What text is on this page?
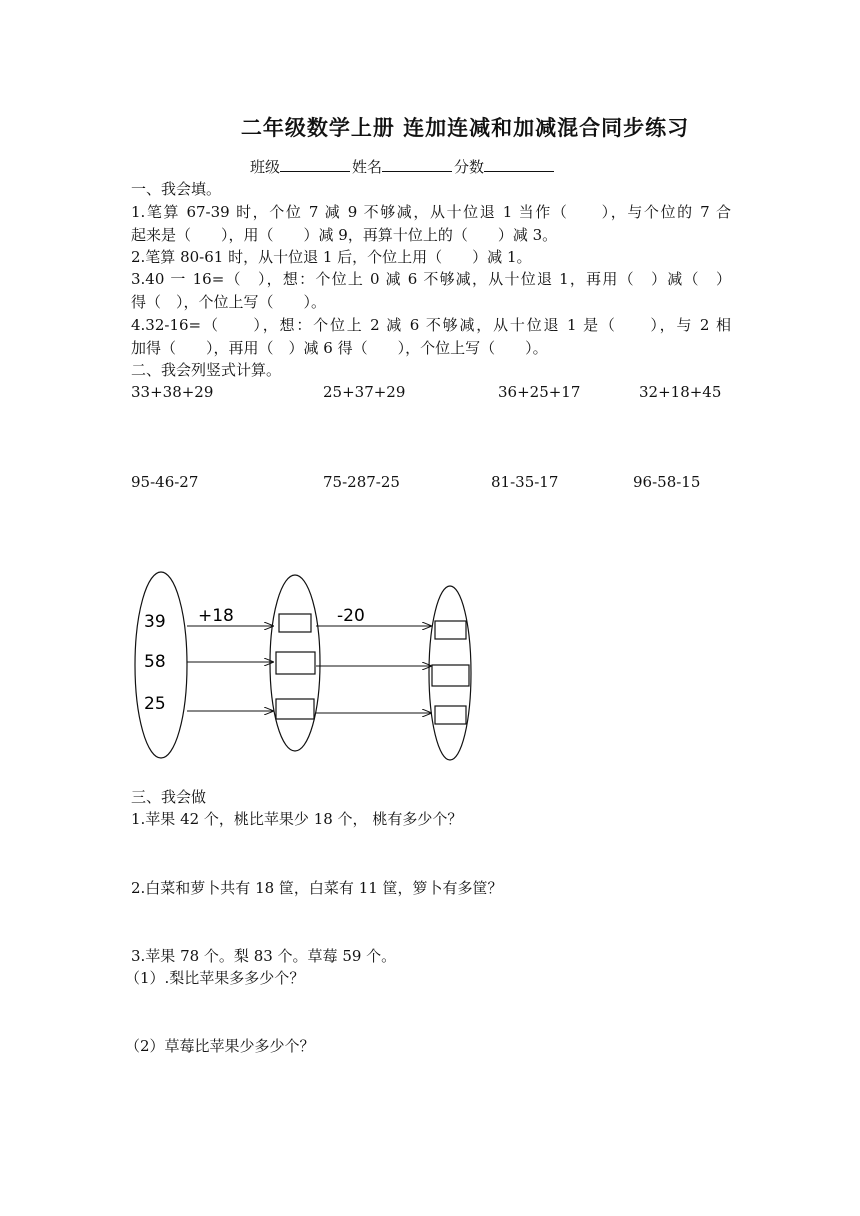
二年级数学上册 连加连减和加减混合同步练习
班级	姓名	分数
一、我会填。
1.笔算 67-39 时，个位 7 减 9 不够减，从十位退 1 当作（　　），与个位的 7 合
起来是（　　），用（　　）减 9，再算十位上的（　　）减 3。
2.笔算 80-61 时，从十位退 1 后，个位上用（　　）减 1。
3.40 一 16=（　），想：个位上 0 减 6 不够减，从十位退 1，再用（　）减（　）
得（　），个位上写（　　）。
4.32-16=（　　），想：个位上 2 减 6 不够减，从十位退 1 是（　　），与 2 相
加得（　　），再用（　）减 6 得（　　），个位上写（　　）。
二、我会列竖式计算。
33+38+29	25+37+29	36+25+17	32+18+45
95-46-27	75-287-25	81-35-17	96-58-15
39
58
25
+18	-20
三、我会做
1.苹果 42 个，桃比苹果少 18 个， 桃有多少个？
2.白菜和萝卜共有 18 筐，白菜有 11 筐，箩卜有多筐？
3.苹果 78 个。梨 83 个。草莓 59 个。
（1）.梨比苹果多多少个？
（2）草莓比苹果少多少个？
